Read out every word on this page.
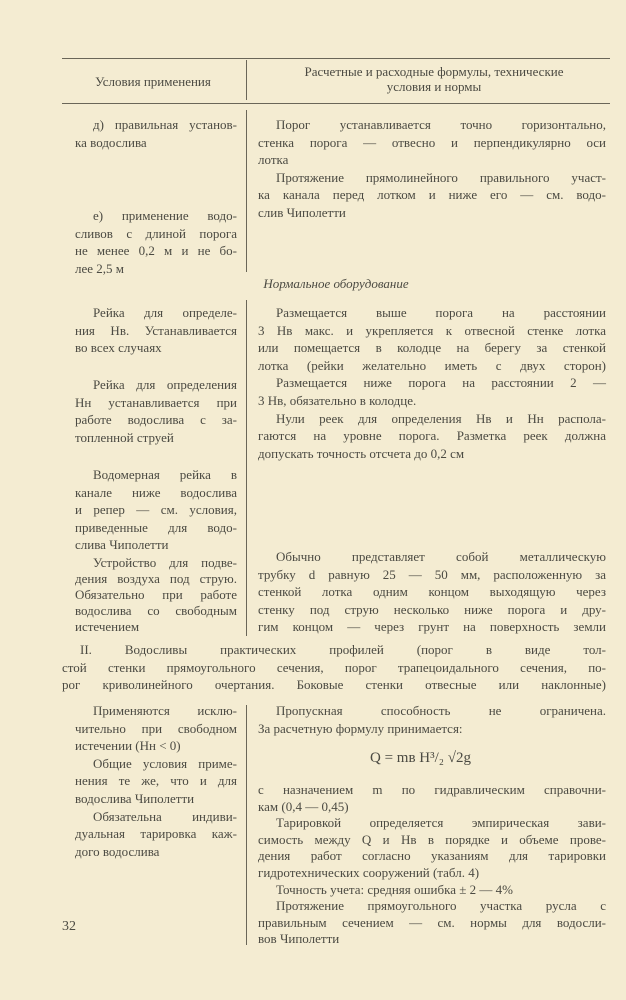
Условия применения
Расчетные и расходные формулы, технические
условия и нормы
д) правильная установ-
ка водослива
Порог устанавливается точно горизонтально,
стенка порога — отвесно и перпендикулярно оси
лотка
Протяжение прямолинейного правильного участ-
ка канала перед лотком и ниже его — см. водо-
слив Чиполетти
е) применение водо-
сливов с длиной порога
не менее 0,2 м и не бо-
лее 2,5 м
Нормальное оборудование
Рейка для определе-
ния Hв. Устанавливается
во всех случаях
Размещается выше порога на расстоянии
3 Hв макс. и укрепляется к отвесной стенке лотка
или помещается в колодце на берегу за стенкой
лотка (рейки желательно иметь с двух сторон)
Размещается ниже порога на расстоянии 2 —
3 Hв, обязательно в колодце.
Нули реек для определения Hв и Hн распола-
гаются на уровне порога. Разметка реек должна
допускать точность отсчета до 0,2 см
Рейка для определения
Hн устанавливается при
работе водослива с за-
топленной струей
Водомерная рейка в
канале ниже водослива
и репер — см. условия,
приведенные для водо-
слива Чиполетти
Устройство для подве-
дения воздуха под струю.
Обязательно при работе
водослива со свободным
истечением
Обычно представляет собой металлическую
трубку d равную 25 — 50 мм, расположенную за
стенкой лотка одним концом выходящую через
стенку под струю несколько ниже порога и дру-
гим концом — через грунт на поверхность земли
II. Водосливы практических профилей (порог в виде тол-
стой стенки прямоугольного сечения, порог трапецоидального сечения, по-
рог криволинейного очертания. Боковые стенки отвесные или наклонные)
Применяются исклю-
чительно при свободном
истечении (Hн < 0)
Общие условия приме-
нения те же, что и для
водослива Чиполетти
Обязательна индиви-
дуальная тарировка каж-
дого водослива
Пропускная способность не ограничена.
За расчетную формулу принимается:
Q = mв H³/₂ √2g
с назначением m по гидравлическим справочни-
кам (0,4 — 0,45)
Тарировкой определяется эмпирическая зави-
симость между Q и Hв в порядке и объеме прове-
дения работ согласно указаниям для тарировки
гидротехнических сооружений (табл. 4)
Точность учета: средняя ошибка ± 2 — 4%
Протяжение прямоугольного участка русла с
правильным сечением — см. нормы для водосли-
вов Чиполетти
32
